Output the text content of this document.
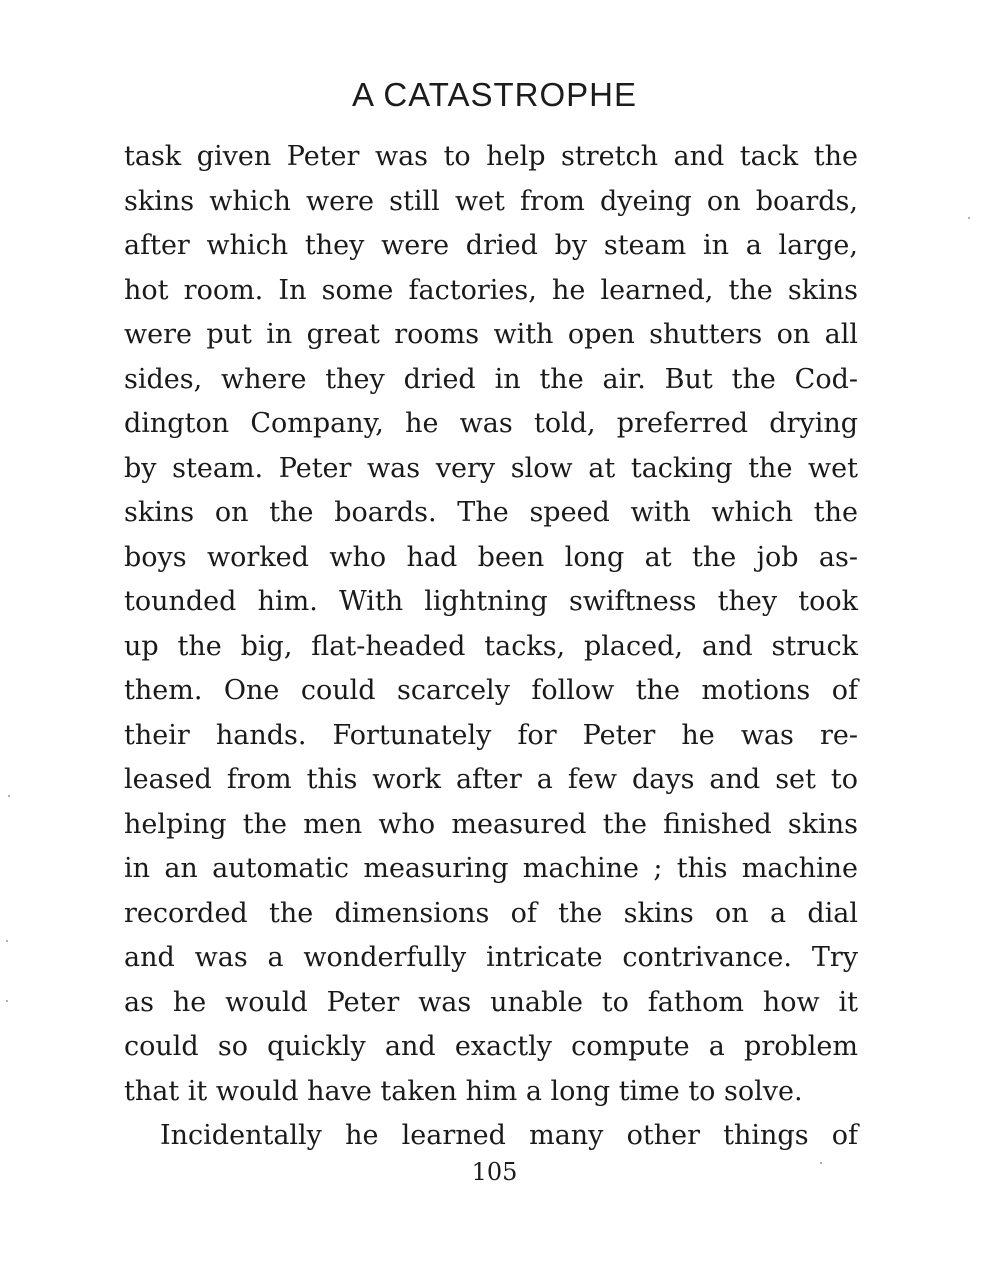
A CATASTROPHE
task given Peter was to help stretch and tack the
skins which were still wet from dyeing on boards,
after which they were dried by steam in a large,
hot room. In some factories, he learned, the skins
were put in great rooms with open shutters on all
sides, where they dried in the air. But the Cod-
dington Company, he was told, preferred drying
by steam. Peter was very slow at tacking the wet
skins on the boards. The speed with which the
boys worked who had been long at the job as-
tounded him. With lightning swiftness they took
up the big, flat-headed tacks, placed, and struck
them. One could scarcely follow the motions of
their hands. Fortunately for Peter he was re-
leased from this work after a few days and set to
helping the men who measured the finished skins
in an automatic measuring machine ; this machine
recorded the dimensions of the skins on a dial
and was a wonderfully intricate contrivance. Try
as he would Peter was unable to fathom how it
could so quickly and exactly compute a problem
that it would have taken him a long time to solve.
Incidentally he learned many other things of
105
